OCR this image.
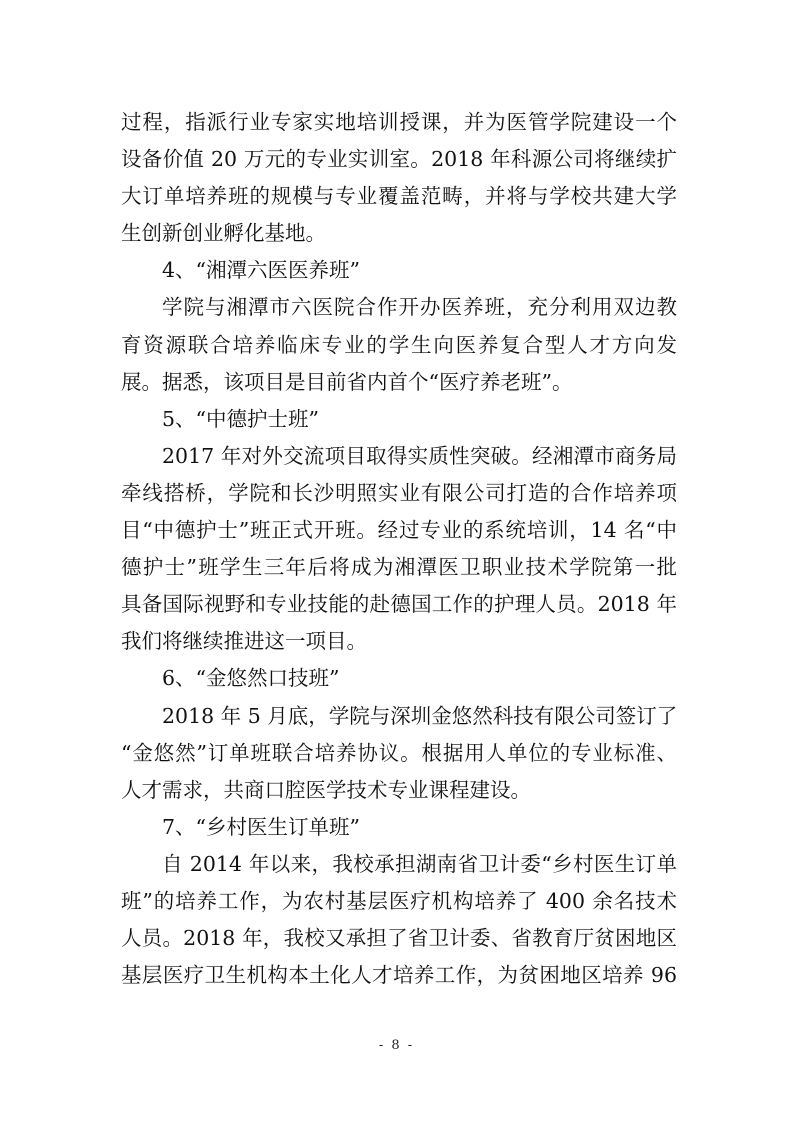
过程，指派行业专家实地培训授课，并为医管学院建设一个
设备价值 20 万元的专业实训室。2018 年科源公司将继续扩
大订单培养班的规模与专业覆盖范畴，并将与学校共建大学
生创新创业孵化基地。
4、“湘潭六医医养班”
学院与湘潭市六医院合作开办医养班，充分利用双边教
育资源联合培养临床专业的学生向医养复合型人才方向发
展。据悉，该项目是目前省内首个“医疗养老班”。
5、“中德护士班”
2017 年对外交流项目取得实质性突破。经湘潭市商务局
牵线搭桥，学院和长沙明照实业有限公司打造的合作培养项
目“中德护士”班正式开班。经过专业的系统培训，14 名“中
德护士”班学生三年后将成为湘潭医卫职业技术学院第一批
具备国际视野和专业技能的赴德国工作的护理人员。2018 年
我们将继续推进这一项目。
6、“金悠然口技班”
2018 年 5 月底，学院与深圳金悠然科技有限公司签订了
“金悠然”订单班联合培养协议。根据用人单位的专业标准、
人才需求，共商口腔医学技术专业课程建设。
7、“乡村医生订单班”
自 2014 年以来，我校承担湖南省卫计委“乡村医生订单
班”的培养工作，为农村基层医疗机构培养了 400 余名技术
人员。2018 年，我校又承担了省卫计委、省教育厅贫困地区
基层医疗卫生机构本土化人才培养工作，为贫困地区培养 96
- 8 -
